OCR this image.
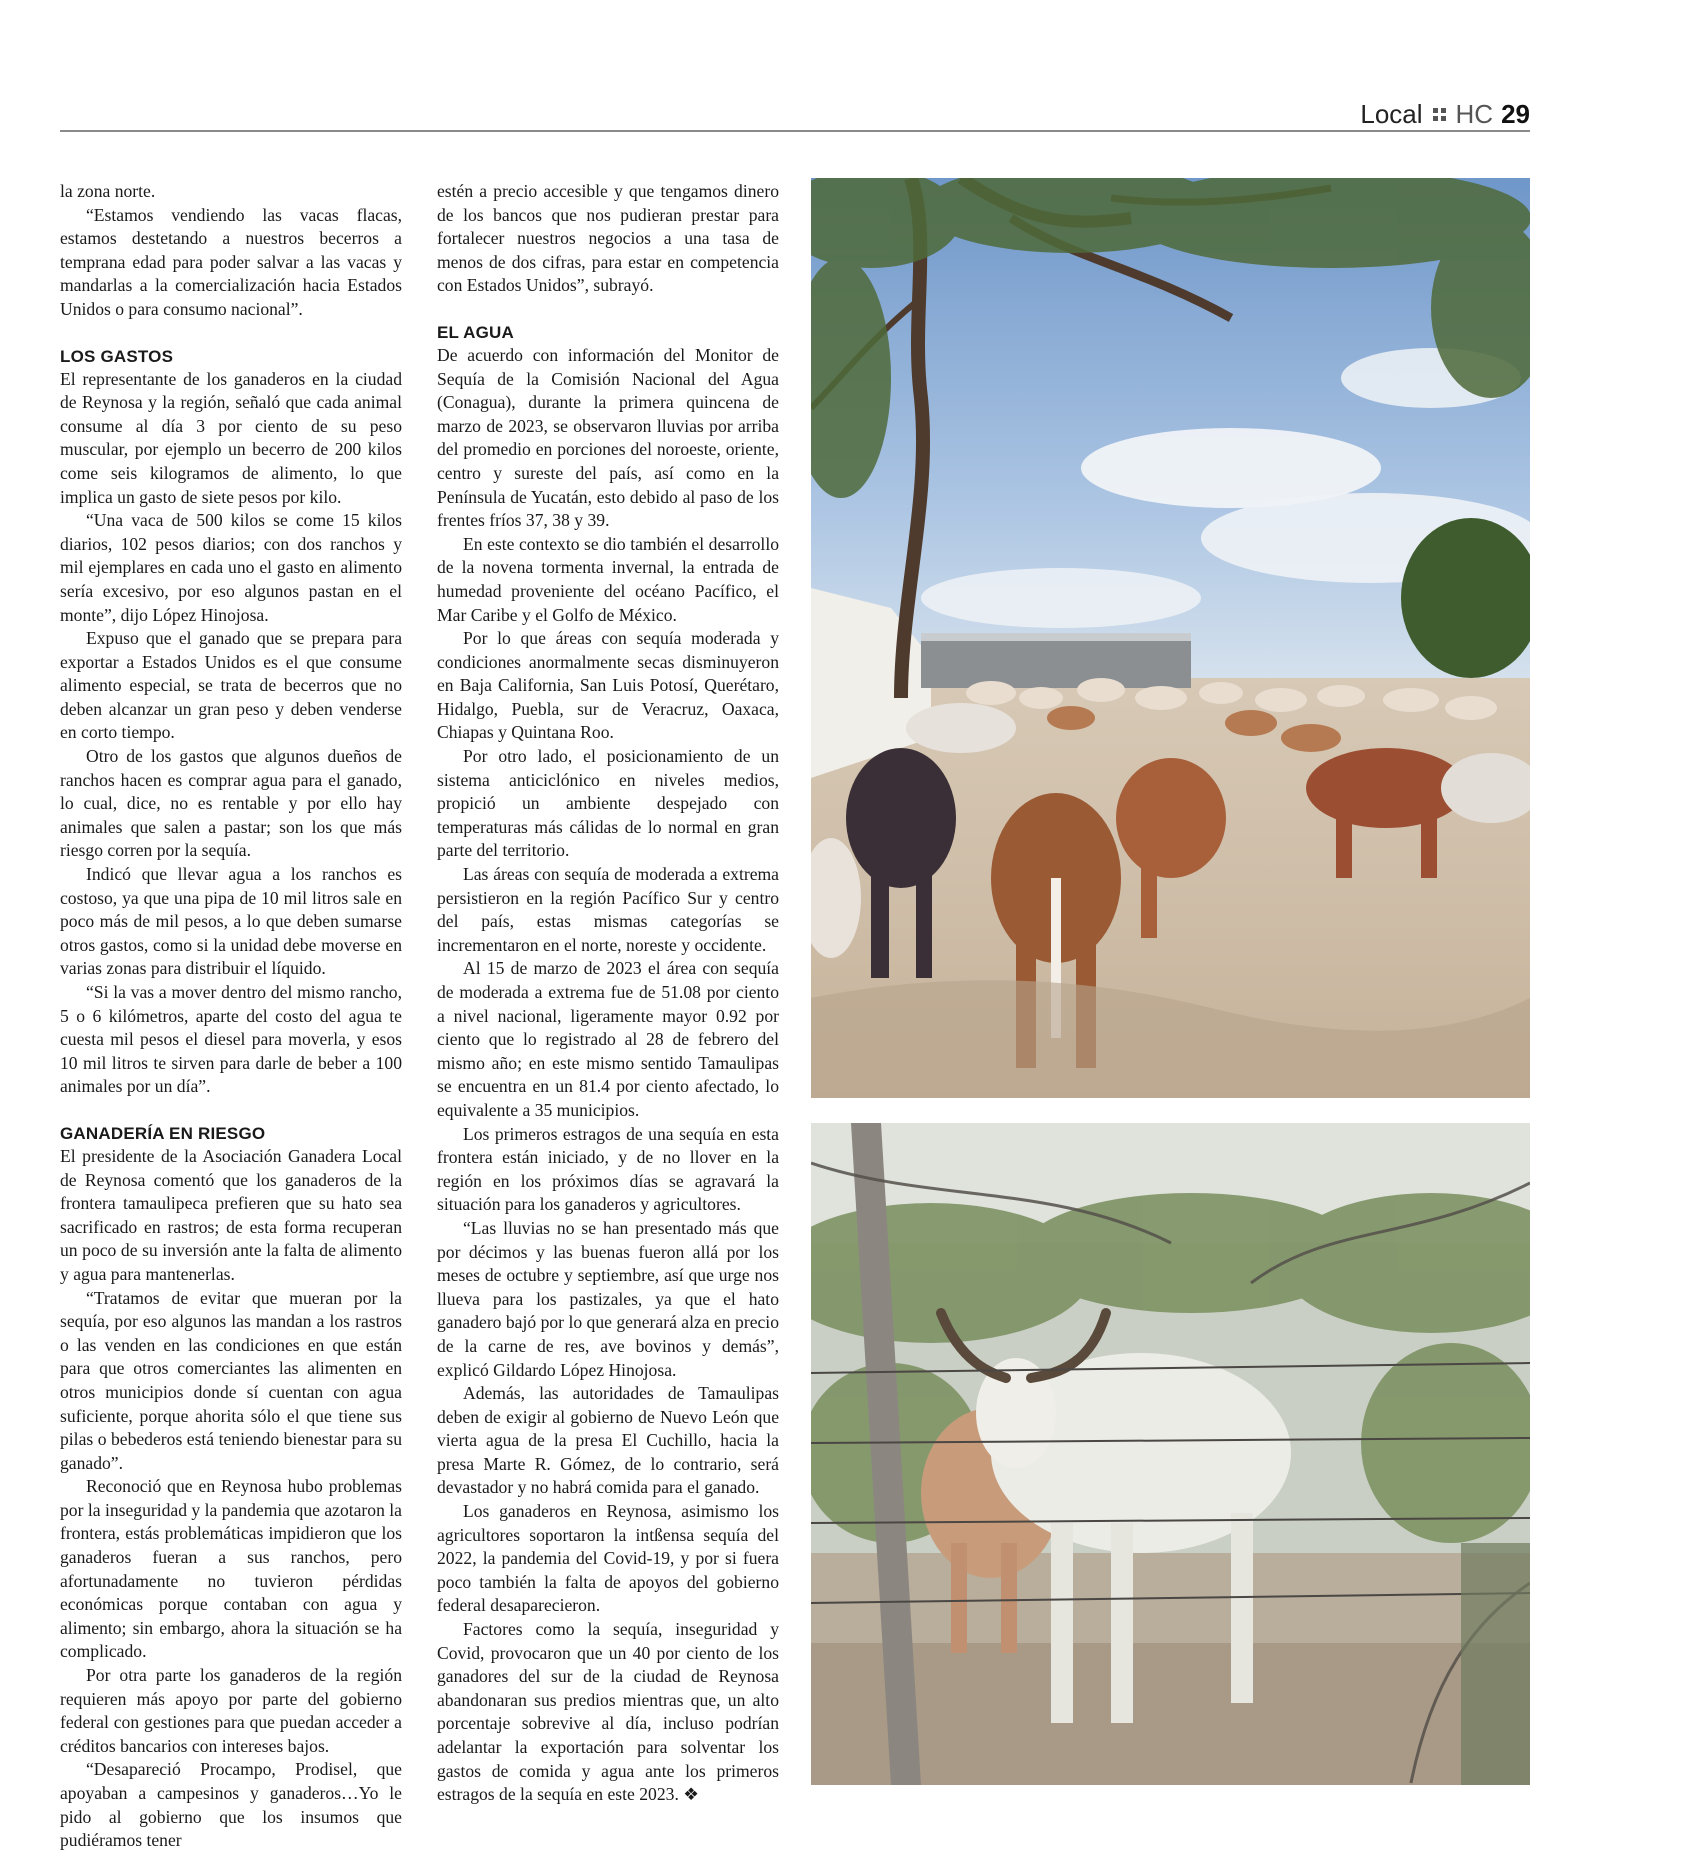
Local HC 29

la zona norte.

“Estamos vendiendo las vacas flacas, estamos destetando a nuestros becerros a temprana edad para poder salvar a las vacas y mandarlas a la comercialización hacia Estados Unidos o para consumo nacional”.

LOS GASTOS

El representante de los ganaderos en la ciudad de Reynosa y la región, señaló que cada animal consume al día 3 por ciento de su peso muscular, por ejemplo un becerro de 200 kilos come seis kilogramos de alimento, lo que implica un gasto de siete pesos por kilo.

“Una vaca de 500 kilos se come 15 kilos diarios, 102 pesos diarios; con dos ranchos y mil ejemplares en cada uno el gasto en alimento sería excesivo, por eso algunos pastan en el monte”, dijo López Hinojosa.

Expuso que el ganado que se prepara para exportar a Estados Unidos es el que consume alimento especial, se trata de becerros que no deben alcanzar un gran peso y deben venderse en corto tiempo.

Otro de los gastos que algunos dueños de ranchos hacen es comprar agua para el ganado, lo cual, dice, no es rentable y por ello hay animales que salen a pastar; son los que más riesgo corren por la sequía.

Indicó que llevar agua a los ranchos es costoso, ya que una pipa de 10 mil litros sale en poco más de mil pesos, a lo que deben sumarse otros gastos, como si la unidad debe moverse en varias zonas para distribuir el líquido.

“Si la vas a mover dentro del mismo rancho, 5 o 6 kilómetros, aparte del costo del agua te cuesta mil pesos el diesel para moverla, y esos 10 mil litros te sirven para darle de beber a 100 animales por un día”.

GANADERÍA EN RIESGO

El presidente de la Asociación Ganadera Local de Reynosa comentó que los ganaderos de la frontera tamaulipeca prefieren que su hato sea sacrificado en rastros; de esta forma recuperan un poco de su inversión ante la falta de alimento y agua para mantenerlas.

“Tratamos de evitar que mueran por la sequía, por eso algunos las mandan a los rastros o las venden en las condiciones en que están para que otros comerciantes las alimenten en otros municipios donde sí cuentan con agua suficiente, porque ahorita sólo el que tiene sus pilas o bebederos está teniendo bienestar para su ganado”.

Reconoció que en Reynosa hubo problemas por la inseguridad y la pandemia que azotaron la frontera, estás problemáticas impidieron que los ganaderos fueran a sus ranchos, pero afortunadamente no tuvieron pérdidas económicas porque contaban con agua y alimento; sin embargo, ahora la situación se ha complicado.

Por otra parte los ganaderos de la región requieren más apoyo por parte del gobierno federal con gestiones para que puedan acceder a créditos bancarios con intereses bajos.

“Desapareció Procampo, Prodisel, que apoyaban a campesinos y ganaderos…Yo le pido al gobierno que los insumos que pudiéramos tener

estén a precio accesible y que tengamos dinero de los bancos que nos pudieran prestar para fortalecer nuestros negocios a una tasa de menos de dos cifras, para estar en competencia con Estados Unidos”, subrayó.

EL AGUA

De acuerdo con información del Monitor de Sequía de la Comisión Nacional del Agua (Conagua), durante la primera quincena de marzo de 2023, se observaron lluvias por arriba del promedio en porciones del noroeste, oriente, centro y sureste del país, así como en la Península de Yucatán, esto debido al paso de los frentes fríos 37, 38 y 39.

En este contexto se dio también el desarrollo de la novena tormenta invernal, la entrada de humedad proveniente del océano Pacífico, el Mar Caribe y el Golfo de México.

Por lo que áreas con sequía moderada y condiciones anormalmente secas disminuyeron en Baja California, San Luis Potosí, Querétaro, Hidalgo, Puebla, sur de Veracruz, Oaxaca, Chiapas y Quintana Roo.

Por otro lado, el posicionamiento de un sistema anticiclónico en niveles medios, propició un ambiente despejado con temperaturas más cálidas de lo normal en gran parte del territorio.

Las áreas con sequía de moderada a extrema persistieron en la región Pacífico Sur y centro del país, estas mismas categorías se incrementaron en el norte, noreste y occidente.

Al 15 de marzo de 2023 el área con sequía de moderada a extrema fue de 51.08 por ciento a nivel nacional, ligeramente mayor 0.92 por ciento que lo registrado al 28 de febrero del mismo año; en este mismo sentido Tamaulipas se encuentra en un 81.4 por ciento afectado, lo equivalente a 35 municipios.

Los primeros estragos de una sequía en esta frontera están iniciado, y de no llover en la región en los próximos días se agravará la situación para los ganaderos y agricultores.

“Las lluvias no se han presentado más que por décimos y las buenas fueron allá por los meses de octubre y septiembre, así que urge nos llueva para los pastizales, ya que el hato ganadero bajó por lo que generará alza en precio de la carne de res, ave bovinos y demás”, explicó Gildardo López Hinojosa.

Además, las autoridades de Tamaulipas deben de exigir al gobierno de Nuevo León que vierta agua de la presa El Cuchillo, hacia la presa Marte R. Gómez, de lo contrario, será devastador y no habrá comida para el ganado.

Los ganaderos en Reynosa, asimismo los agricultores soportaron la intßensa sequía del 2022, la pandemia del Covid-19, y por si fuera poco también la falta de apoyos del gobierno federal desaparecieron.

Factores como la sequía, inseguridad y Covid, provocaron que un 40 por ciento de los ganadores del sur de la ciudad de Reynosa abandonaran sus predios mientras que, un alto porcentaje sobrevive al día, incluso podrían adelantar la exportación para solventar los gastos de comida y agua ante los primeros estragos de la sequía en este 2023. ❖
